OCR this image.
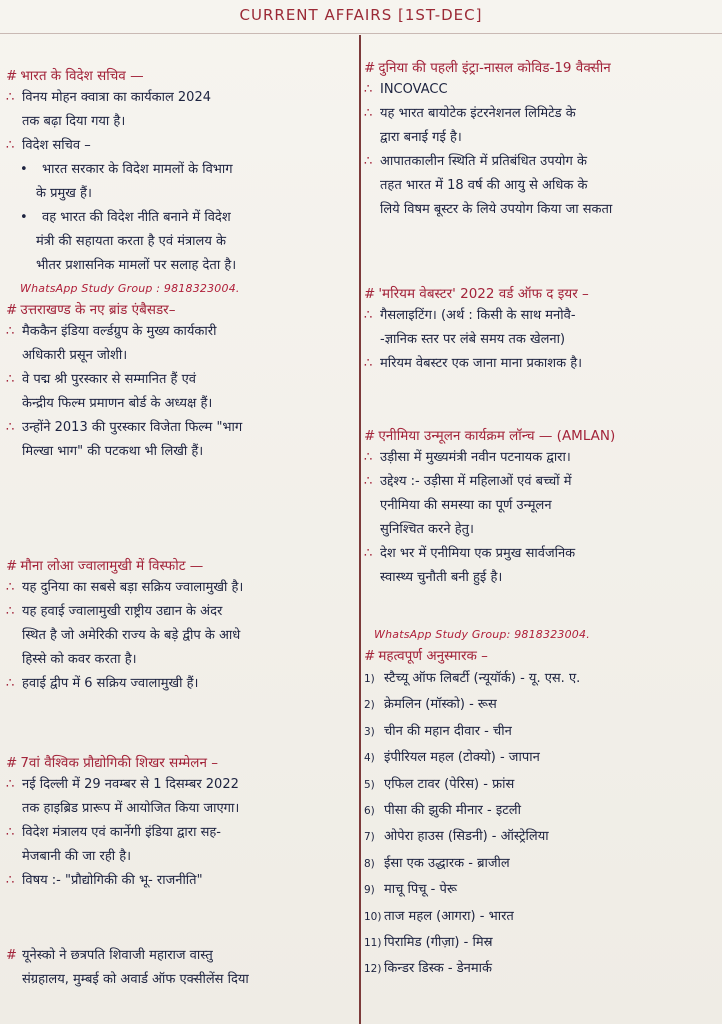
CURRENT AFFAIRS [1ST-DEC]
# भारत के विदेश सचिव —
∴ विनय मोहन क्वात्रा का कार्यकाल 2024
तक बढ़ा दिया गया है।
∴ विदेश सचिव –
• भारत सरकार के विदेश मामलों के विभाग
के प्रमुख हैं।
• वह भारत की विदेश नीति बनाने में विदेश
मंत्री की सहायता करता है एवं मंत्रालय के
भीतर प्रशासनिक मामलों पर सलाह देता है।
WhatsApp Study Group : 9818323004.
# उत्तराखण्ड के नए ब्रांड एंबैसडर–
∴ मैककैन इंडिया वर्ल्डग्रुप के मुख्य कार्यकारी
अधिकारी प्रसून जोशी।
∴ वे पद्म श्री पुरस्कार से सम्मानित हैं एवं
केन्द्रीय फिल्म प्रमाणन बोर्ड के अध्यक्ष हैं।
∴ उन्होंने 2013 की पुरस्कार विजेता फिल्म "भाग
मिल्खा भाग" की पटकथा भी लिखी हैं।
# मौना लोआ ज्वालामुखी में विस्फोट —
∴ यह दुनिया का सबसे बड़ा सक्रिय ज्वालामुखी है।
∴ यह हवाई ज्वालामुखी राष्ट्रीय उद्यान के अंदर
स्थित है जो अमेरिकी राज्य के बड़े द्वीप के आधे
हिस्से को कवर करता है।
∴ हवाई द्वीप में 6 सक्रिय ज्वालामुखी हैं।
# 7वां वैश्विक प्रौद्योगिकी शिखर सम्मेलन –
∴ नई दिल्ली में 29 नवम्बर से 1 दिसम्बर 2022
तक हाइब्रिड प्रारूप में आयोजित किया जाएगा।
∴ विदेश मंत्रालय एवं कार्नेगी इंडिया द्वारा सह-
मेजबानी की जा रही है।
∴ विषय :- "प्रौद्योगिकी की भू- राजनीति"
# यूनेस्को ने छत्रपति शिवाजी महाराज वास्तु
संग्रहालय, मुम्बई को अवार्ड ऑफ एक्सीलेंस दिया
# दुनिया की पहली इंट्रा-नासल कोविड-19 वैक्सीन
∴ INCOVACC
∴ यह भारत बायोटेक इंटरनेशनल लिमिटेड के
द्वारा बनाई गई है।
∴ आपातकालीन स्थिति में प्रतिबंधित उपयोग के
तहत भारत में 18 वर्ष की आयु से अधिक के
लिये विषम बूस्टर के लिये उपयोग किया जा सकता
# 'मरियम वेबस्टर' 2022 वर्ड ऑफ द इयर –
∴ गैसलाइटिंग। (अर्थ : किसी के साथ मनोवै-
-ज्ञानिक स्तर पर लंबे समय तक खेलना)
∴ मरियम वेबस्टर एक जाना माना प्रकाशक है।
# एनीमिया उन्मूलन कार्यक्रम लॉन्च — (AMLAN)
∴ उड़ीसा में मुख्यमंत्री नवीन पटनायक द्वारा।
∴ उद्देश्य :- उड़ीसा में महिलाओं एवं बच्चों में
एनीमिया की समस्या का पूर्ण उन्मूलन
सुनिश्चित करने हेतु।
∴ देश भर में एनीमिया एक प्रमुख सार्वजनिक
स्वास्थ्य चुनौती बनी हुई है।
WhatsApp Study Group: 9818323004.
# महत्वपूर्ण अनुस्मारक –
1) स्टैच्यू ऑफ लिबर्टी (न्यूयॉर्क) - यू. एस. ए.
2) क्रेमलिन (मॉस्को) - रूस
3) चीन की महान दीवार - चीन
4) इंपीरियल महल (टोक्यो) - जापान
5) एफिल टावर (पेरिस) - फ्रांस
6) पीसा की झुकी मीनार - इटली
7) ओपेरा हाउस (सिडनी) - ऑस्ट्रेलिया
8) ईसा एक उद्धारक - ब्राजील
9) माचू पिचू - पेरू
10) ताज महल (आगरा) - भारत
11) पिरामिड (गीज़ा) - मिस्र
12) किन्डर डिस्क - डेनमार्क
